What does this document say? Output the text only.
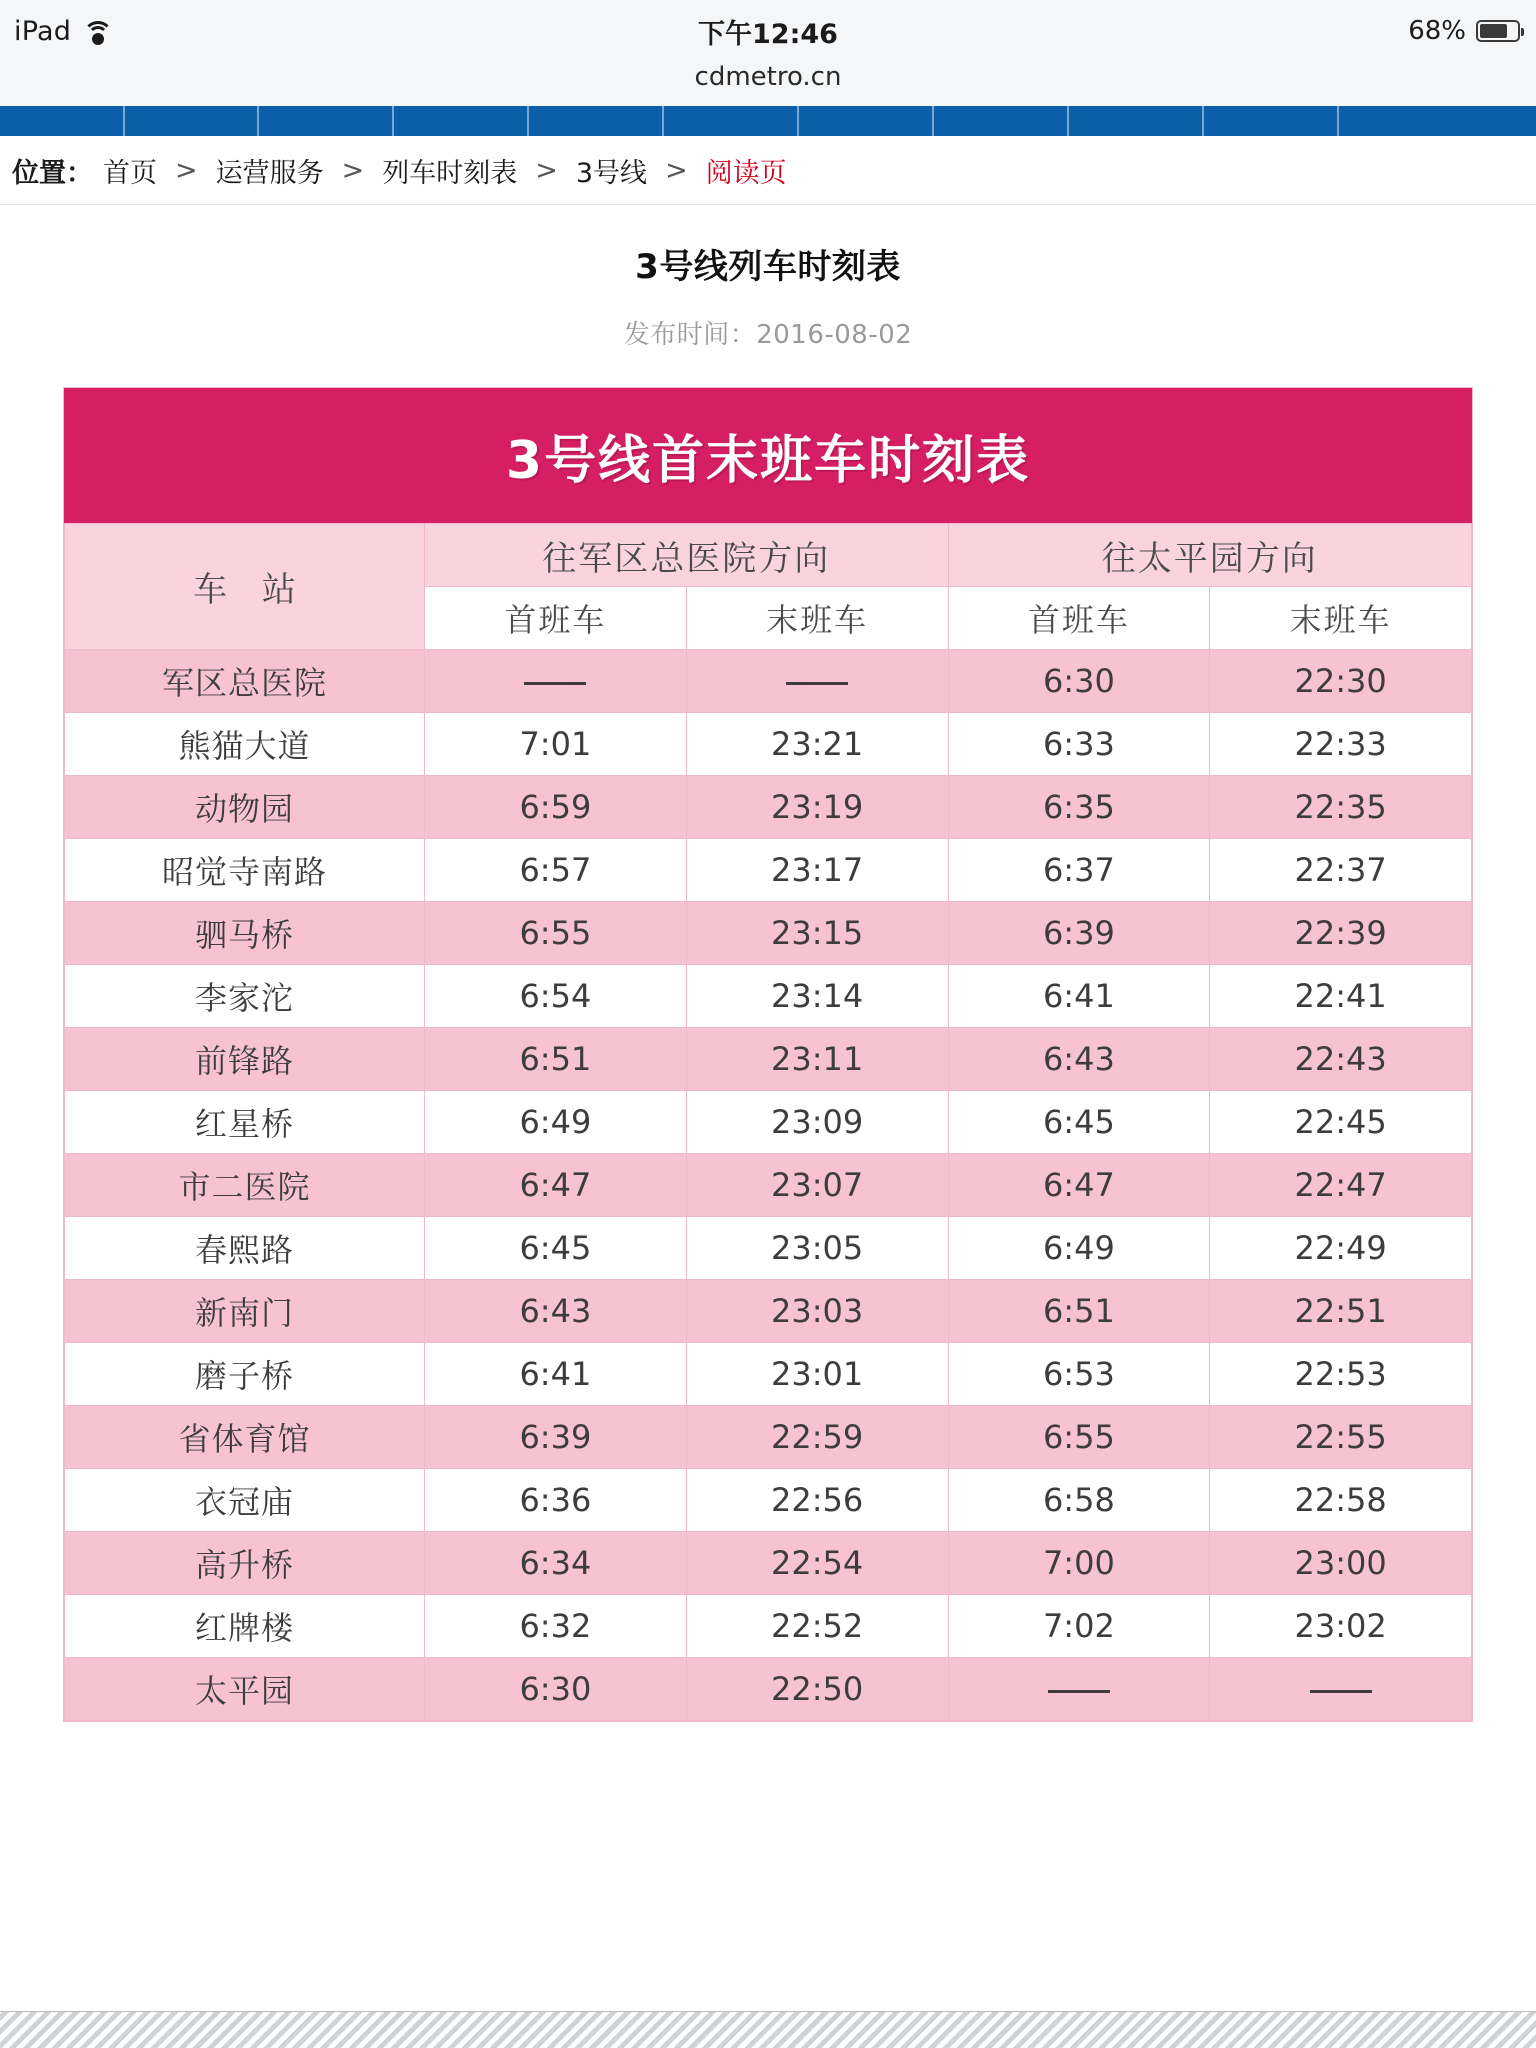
iPad	下午12:46	68%
cdmetro.cn
位置： 首页 > 运营服务 > 列车时刻表 > 3号线 > 阅读页
3号线列车时刻表
发布时间：2016-08-02
3号线首末班车时刻表
车 站	往军区总医院方向		往太平园方向	
	首班车	末班车	首班车	末班车
军区总医院			6:30	22:30
熊猫大道	7:01	23:21	6:33	22:33
动物园	6:59	23:19	6:35	22:35
昭觉寺南路	6:57	23:17	6:37	22:37
驷马桥	6:55	23:15	6:39	22:39
李家沱	6:54	23:14	6:41	22:41
前锋路	6:51	23:11	6:43	22:43
红星桥	6:49	23:09	6:45	22:45
市二医院	6:47	23:07	6:47	22:47
春熙路	6:45	23:05	6:49	22:49
新南门	6:43	23:03	6:51	22:51
磨子桥	6:41	23:01	6:53	22:53
省体育馆	6:39	22:59	6:55	22:55
衣冠庙	6:36	22:56	6:58	22:58
高升桥	6:34	22:54	7:00	23:00
红牌楼	6:32	22:52	7:02	23:02
太平园	6:30	22:50		
